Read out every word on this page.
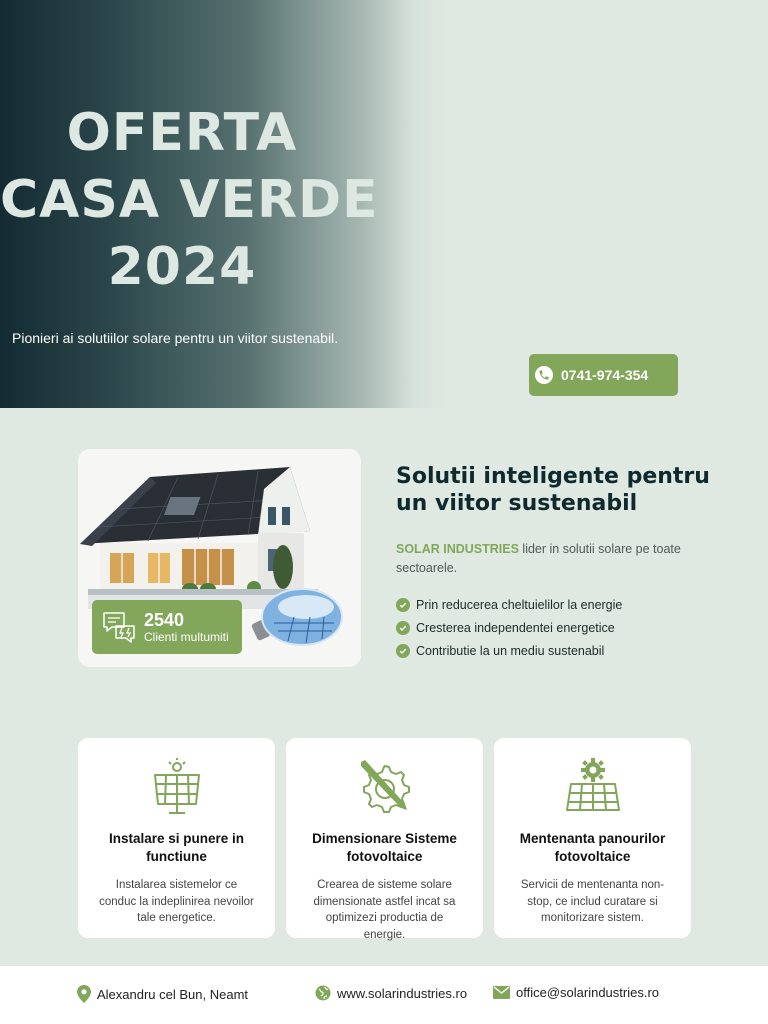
OFERTA
CASA VERDE
2024

Pionieri ai solutiilor solare pentru un viitor sustenabil.

0741-974-354
2540
Clienti multumiti
Solutii inteligente pentru un viitor sustenabil

SOLAR INDUSTRIES lider in solutii solare pe toate sectoarele.

Prin reducerea cheltuielilor la energie
Cresterea independentei energetice
Contributie la un mediu sustenabil
Instalare si punere in functiune
Instalarea sistemelor ce conduc la indeplinirea nevoilor tale energetice.
Dimensionare Sisteme fotovoltaice
Crearea de sisteme solare dimensionate astfel incat sa optimizezi productia de energie.
Mentenanta panourilor fotovoltaice
Servicii de mentenanta non-stop, ce includ curatare si monitorizare sistem.
Alexandru cel Bun, Neamt	www.solarindustries.ro	office@solarindustries.ro
